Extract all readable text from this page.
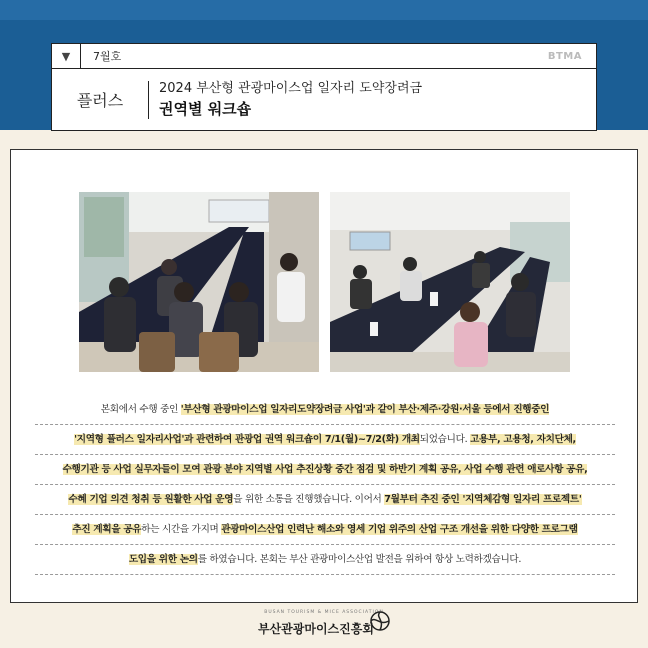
▼	7월호	BTMA
플러스
2024 부산형 관광마이스업 일자리 도약장려금
권역별 워크숍
본회에서 수행 중인 '부산형 관광마이스업 일자리도약장려금 사업'과 같이 부산·제주·강원·서울 등에서 진행중인
'지역형 플러스 일자리사업'과 관련하여 관광업 권역 워크숍이 7/1(월)~7/2(화) 개최되었습니다. 고용부, 고용청, 자치단체,
수행기관 등 사업 실무자들이 모여 관광 분야 지역별 사업 추진상황 중간 점검 및 하반기 계획 공유, 사업 수행 관련 애로사항 공유,
수혜 기업 의견 청취 등 원활한 사업 운영을 위한 소통을 진행했습니다. 이어서 7월부터 추진 중인 '지역체감형 일자리 프로젝트'
추진 계획을 공유하는 시간을 가지며 관광마이스산업 인력난 해소와 영세 기업 위주의 산업 구조 개선을 위한 다양한 프로그램
도입을 위한 논의를 하였습니다. 본회는 부산 관광마이스산업 발전을 위하여 항상 노력하겠습니다.
BUSAN TOURISM & MICE ASSOCIATION
부산관광마이스진흥회
